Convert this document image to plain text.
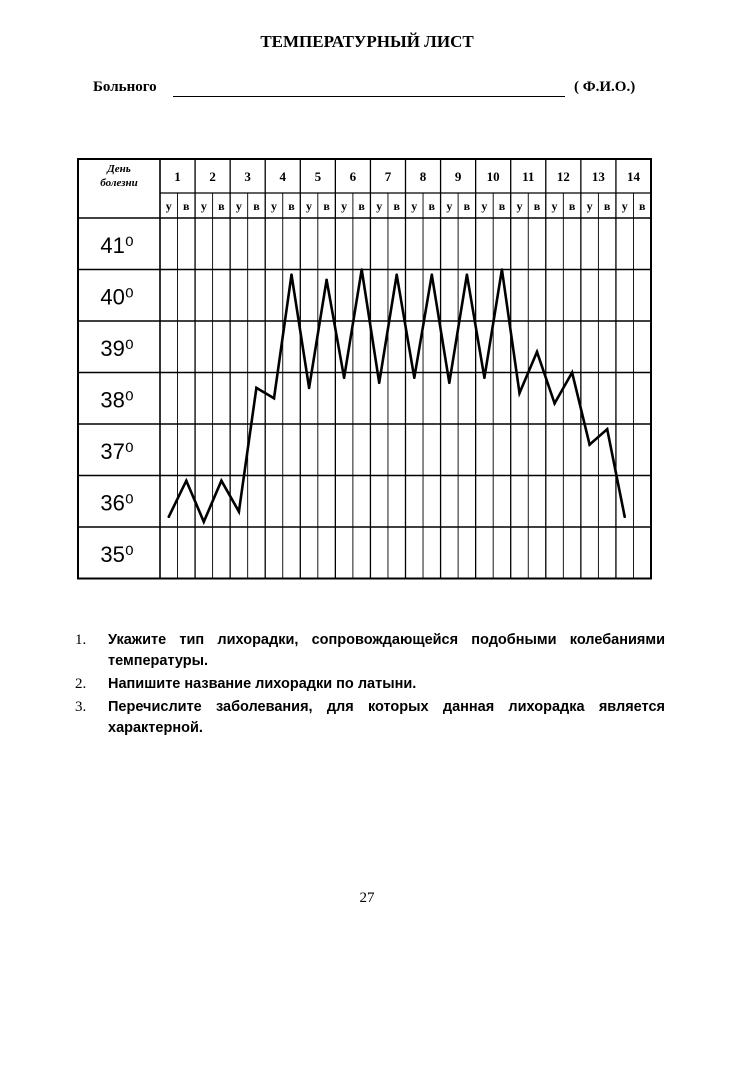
ТЕМПЕРАТУРНЫЙ ЛИСТ
Больного	( Ф.И.О.)
День
болезни	1 2 3 4 5 6 7 8 9 10 11 12 13 14
у в у в у в у в у в у в у в у в у в у в у в у в у в у в
41⁰
40⁰
39⁰
38⁰
37⁰
36⁰
35⁰
1. Укажите тип лихорадки, сопровождающейся подобными колебаниями температуры.
2. Напишите название лихорадки по латыни.
3. Перечислите заболевания, для которых данная лихорадка является характерной.
27
